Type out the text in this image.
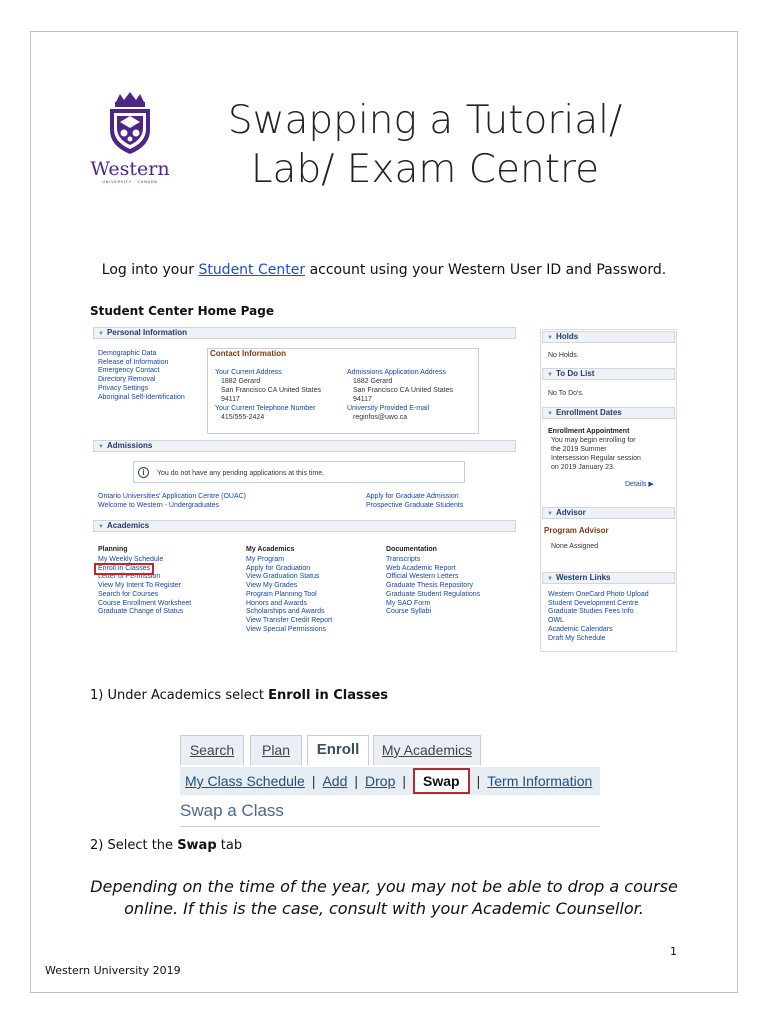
Western
UNIVERSITY · CANADA
Swapping a Tutorial/
Lab/ Exam Centre
Log into your Student Center account using your Western User ID and Password.
Student Center Home Page
▼ Personal Information
Demographic Data
Release of Information
Emergency Contact
Directory Removal
Privacy Settings
Aboriginal Self-Identification
Contact Information
Your Current Address
1882 Gerard
San Francisco CA United States
94117
Your Current Telephone Number
415/555-2424
Admissions Application Address
1882 Gerard
San Francisco CA United States
94117
University Provided E-mail
reginfos@uwo.ca
▼ Admissions
i You do not have any pending applications at this time.
Ontario Universities' Application Centre (OUAC)
Welcome to Western - Undergraduates
Apply for Graduate Admission
Prospective Graduate Students
▼ Academics
Planning
My Weekly Schedule
Enroll in Classes
Letter of Permission
View My Intent To Register
Search for Courses
Course Enrollment Worksheet
Graduate Change of Status
My Academics
My Program
Apply for Graduation
View Graduation Status
View My Grades
Program Planning Tool
Honors and Awards
Scholarships and Awards
View Transfer Credit Report
View Special Permissions
Documentation
Transcripts
Web Academic Report
Official Western Letters
Graduate Thesis Repository
Graduate Student Regulations
My SAO Form
Course Syllabi
▼ Holds
No Holds.
▼ To Do List
No To Do's.
▼ Enrollment Dates
Enrollment Appointment
You may begin enrolling for
the 2019 Summer
Intersession Regular session
on 2019 January 23.
Details ▶
▼ Advisor
Program Advisor
None Assigned
▼ Western Links
Western OneCard Photo Upload
Student Development Centre
Graduate Studies Fees Info
OWL
Academic Calendars
Draft My Schedule
1) Under Academics select Enroll in Classes
Search	Plan	Enroll	My Academics
My Class Schedule | Add | Drop | Swap | Term Information
Swap a Class
2) Select the Swap tab
Depending on the time of the year, you may not be able to drop a course
online. If this is the case, consult with your Academic Counsellor.
1
Western University 2019
